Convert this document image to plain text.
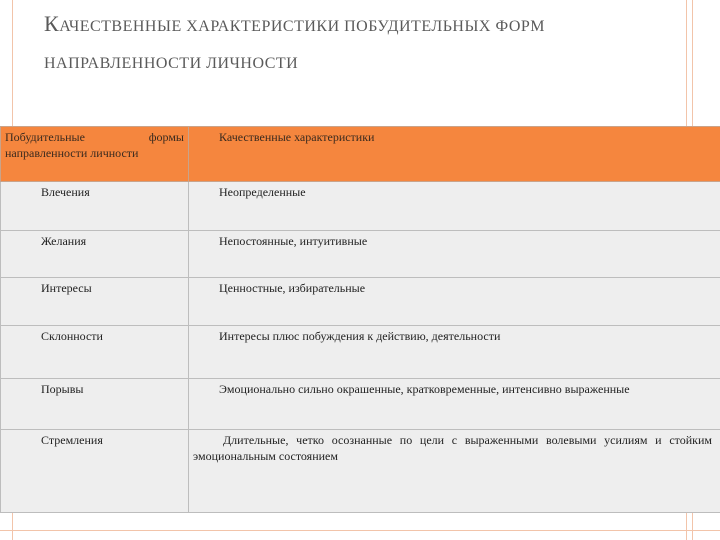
КАЧЕСТВЕННЫЕ ХАРАКТЕРИСТИКИ ПОБУДИТЕЛЬНЫХ ФОРМ НАПРАВЛЕННОСТИ ЛИЧНОСТИ
Побудительные формы направленности личности	Качественные характеристики
Влечения	Неопределенные
Желания	Непостоянные, интуитивные
Интересы	Ценностные, избирательные
Склонности	Интересы плюс побуждения к действию, деятельности
Порывы	Эмоционально сильно окрашенные, кратковременные, интенсивно выраженные
Стремления	Длительные, четко осознанные по цели с выраженными волевыми усилиям и стойким эмоциональным состоянием
